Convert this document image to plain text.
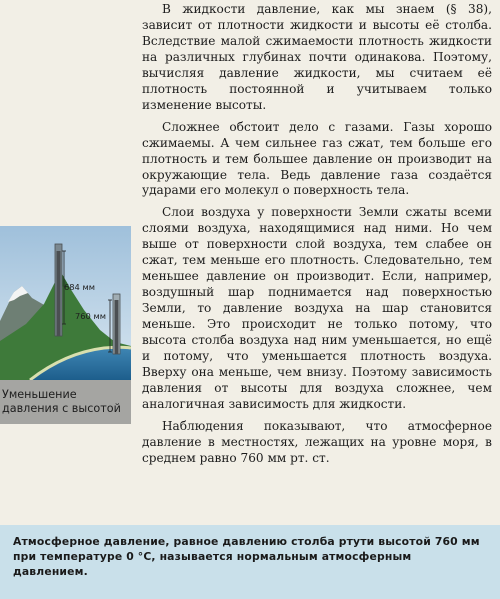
В жидкости давление, как мы знаем (§ 38), зависит от плотности жидкости и высоты её столба. Вследствие малой сжимаемости плотность жидкости на различных глубинах почти одинакова. Поэтому, вычисляя давление жидкости, мы считаем её плотность постоянной и учитываем только изменение высоты.

Сложнее обстоит дело с газами. Газы хорошо сжимаемы. А чем сильнее газ сжат, тем больше его плотность и тем большее давление он производит на окружающие тела. Ведь давление газа создаётся ударами его молекул о поверхность тела.

Слои воздуха у поверхности Земли сжаты всеми слоями воздуха, находящимися над ними. Но чем выше от поверхности слой воздуха, тем слабее он сжат, тем меньше его плотность. Следовательно, тем меньшее давление он производит. Если, например, воздушный шар поднимается над поверхностью Земли, то давление воздуха на шар становится меньше. Это происходит не только потому, что высота столба воздуха над ним уменьшается, но ещё и потому, что уменьшается плотность воздуха. Вверху она меньше, чем внизу. Поэтому зависимость давления от высоты для воздуха сложнее, чем аналогичная зависимость для жидкости.

Наблюдения показывают, что атмосферное давление в местностях, лежащих на уровне моря, в среднем равно 760 мм рт. ст.

684 мм
760 мм
Уменьшение давления с высотой
Атмосферное давление, равное давлению столба ртути высотой 760 мм при температуре 0 °С, называется нормальным атмосферным давлением.
